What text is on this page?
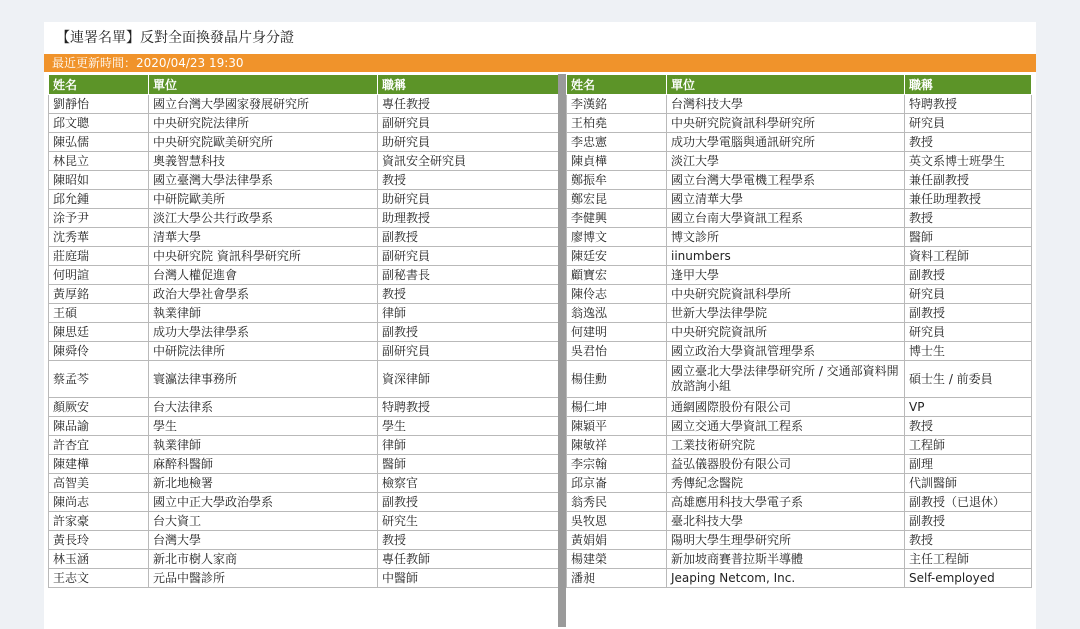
【連署名單】反對全面換發晶片身分證
最近更新時間：2020/04/23 19:30
姓名	單位	職稱
劉靜怡	國立台灣大學國家發展研究所	專任教授
邱文聰	中央研究院法律所	副研究員
陳弘儒	中央研究院歐美研究所	助研究員
林昆立	奧義智慧科技	資訊安全研究員
陳昭如	國立臺灣大學法律學系	教授
邱允鍾	中研院歐美所	助研究員
涂予尹	淡江大學公共行政學系	助理教授
沈秀華	清華大學	副教授
莊庭瑞	中央研究院 資訊科學研究所	副研究員
何明諠	台灣人權促進會	副秘書長
黃厚銘	政治大學社會學系	教授
王碩	執業律師	律師
陳思廷	成功大學法律學系	副教授
陳舜伶	中研院法律所	副研究員
蔡孟芩	寰瀛法律事務所	資深律師
顏厥安	台大法律系	特聘教授
陳品諭	學生	學生
許杏宜	執業律師	律師
陳建樺	麻醉科醫師	醫師
高智美	新北地檢署	檢察官
陳尚志	國立中正大學政治學系	副教授
許家豪	台大資工	研究生
黃長玲	台灣大學	教授
林玉涵	新北市樹人家商	專任教師
王志文	元品中醫診所	中醫師
姓名	單位	職稱
李漢銘	台灣科技大學	特聘教授
王柏堯	中央研究院資訊科學研究所	研究員
李忠憲	成功大學電腦與通訊研究所	教授
陳貞樺	淡江大學	英文系博士班學生
鄭振牟	國立台灣大學電機工程學系	兼任副教授
鄭宏昆	國立清華大學	兼任助理教授
李健興	國立台南大學資訊工程系	教授
廖博文	博文診所	醫師
陳廷安	iinumbers	資料工程師
顧寶宏	逢甲大學	副教授
陳伶志	中央研究院資訊科學所	研究員
翁逸泓	世新大學法律學院	副教授
何建明	中央研究院資訊所	研究員
吳君怡	國立政治大學資訊管理學系	博士生
楊佳勳	國立臺北大學法律學研究所 / 交通部資料開放諮詢小組	碩士生 / 前委員
楊仁坤	通網國際股份有限公司	VP
陳穎平	國立交通大學資訊工程系	教授
陳敏祥	工業技術研究院	工程師
李宗翰	益弘儀器股份有限公司	副理
邱京崙	秀傳紀念醫院	代訓醫師
翁秀民	高雄應用科技大學電子系	副教授（已退休）
吳牧恩	臺北科技大學	副教授
黃娟娟	陽明大學生理學研究所	教授
楊建榮	新加坡商賽普拉斯半導體	主任工程師
潘昶	Jeaping Netcom, Inc.	Self-employed
